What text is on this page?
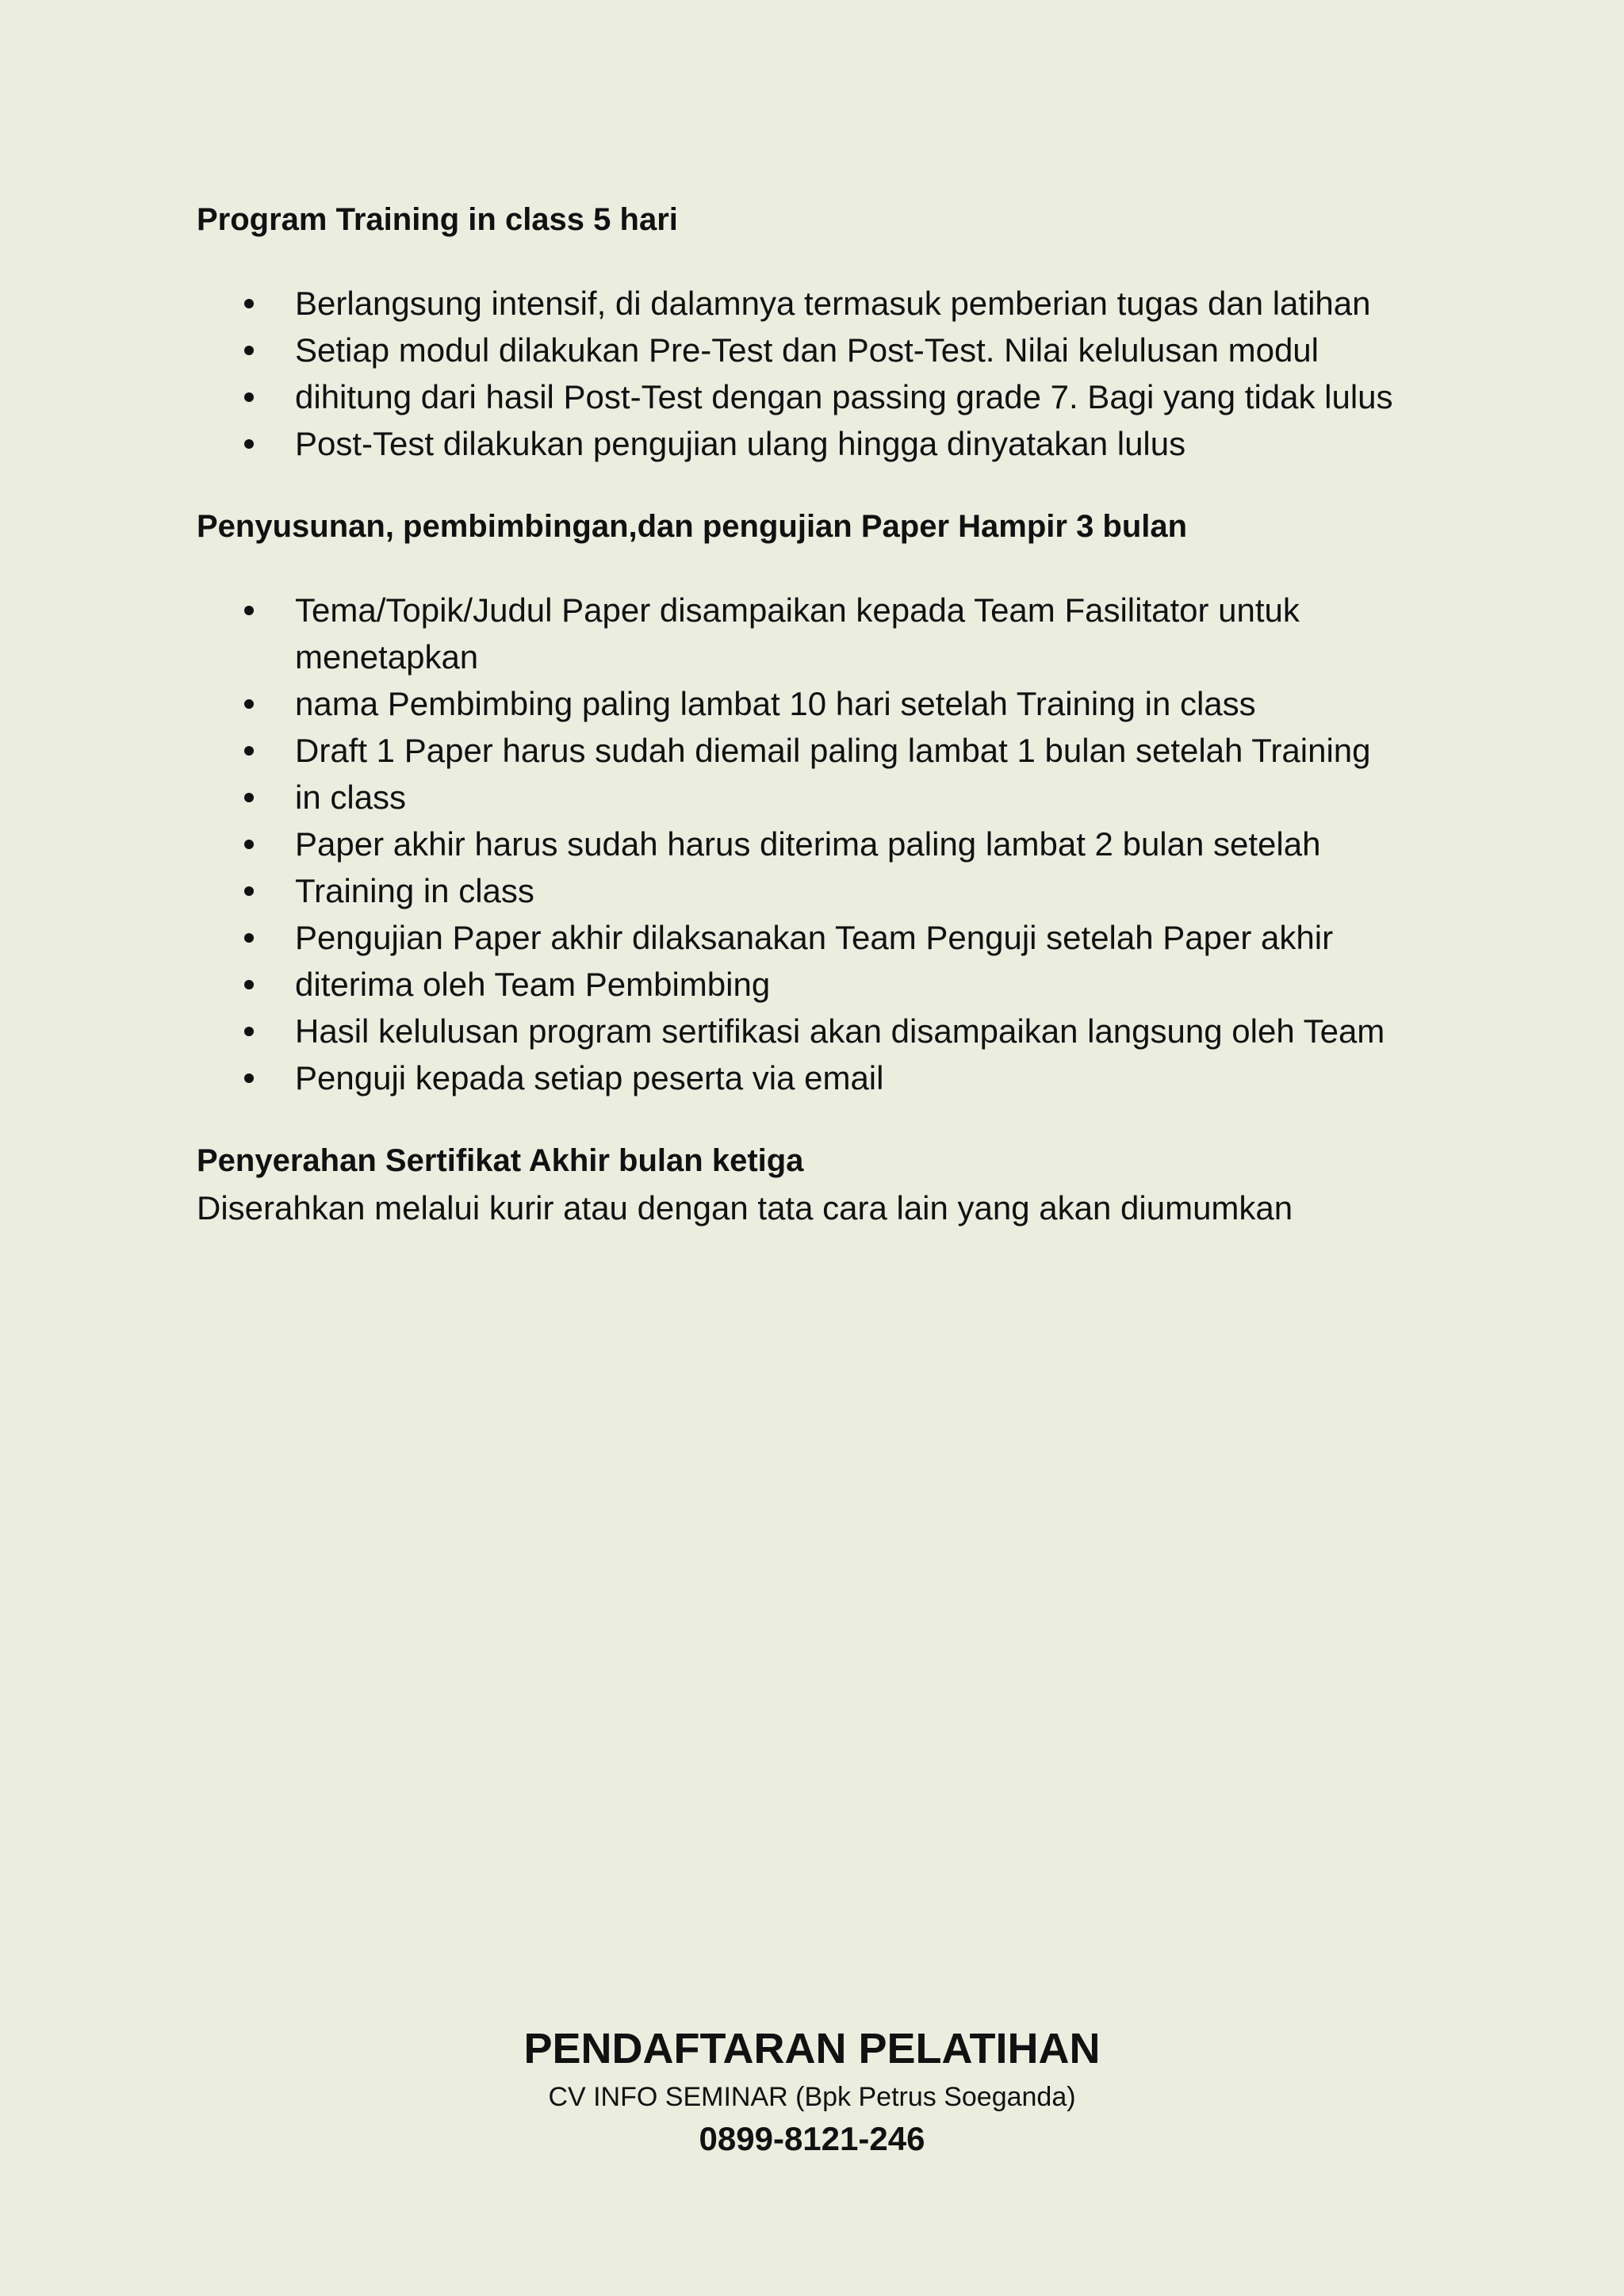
Program Training in class 5 hari

Berlangsung intensif, di dalamnya termasuk pemberian tugas dan latihan
Setiap modul dilakukan Pre-Test dan Post-Test. Nilai kelulusan modul
dihitung dari hasil Post-Test dengan passing grade 7. Bagi yang tidak lulus
Post-Test dilakukan pengujian ulang hingga dinyatakan lulus

Penyusunan, pembimbingan,dan pengujian Paper Hampir 3 bulan

Tema/Topik/Judul Paper disampaikan kepada Team Fasilitator untuk menetapkan
nama Pembimbing paling lambat 10 hari setelah Training in class
Draft 1 Paper harus sudah diemail paling lambat 1 bulan setelah Training
in class
Paper akhir harus sudah harus diterima paling lambat 2 bulan setelah
Training in class
Pengujian Paper akhir dilaksanakan Team Penguji setelah Paper akhir
diterima oleh Team Pembimbing
Hasil kelulusan program sertifikasi akan disampaikan langsung oleh Team
Penguji kepada setiap peserta via email

Penyerahan Sertifikat Akhir bulan ketiga

Diserahkan melalui kurir atau dengan tata cara lain yang akan diumumkan

PENDAFTARAN PELATIHAN
CV INFO SEMINAR (Bpk Petrus Soeganda)
0899-8121-246
